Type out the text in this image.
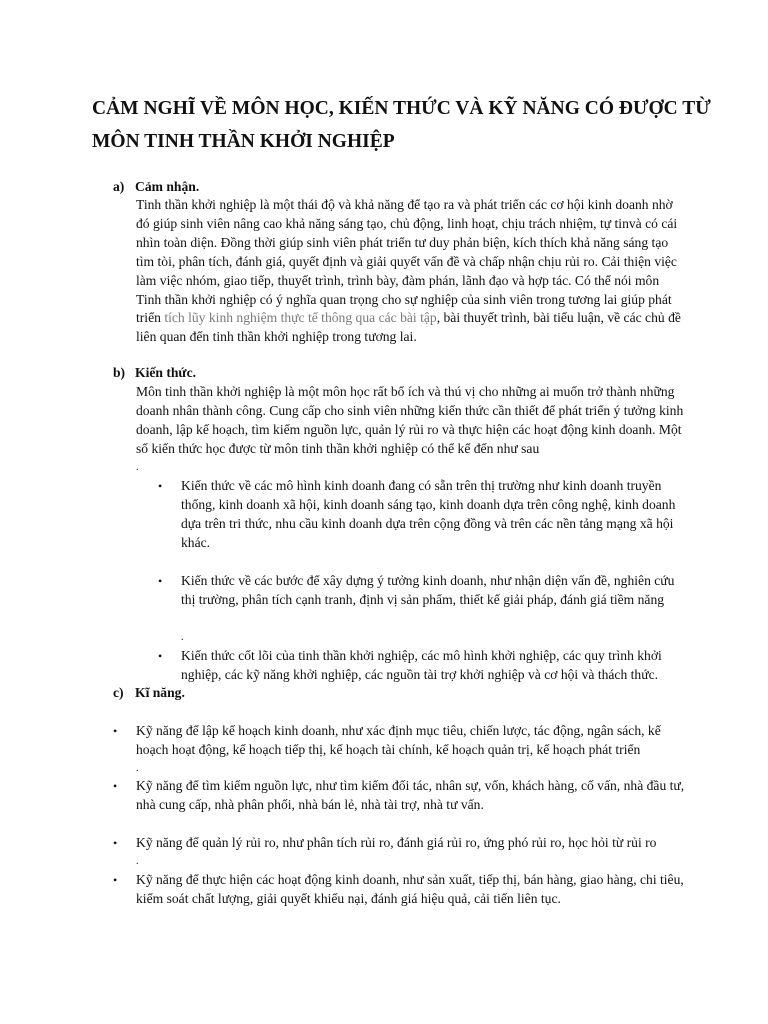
CẢM NGHĨ VỀ MÔN HỌC, KIẾN THỨC VÀ KỸ NĂNG CÓ ĐƯỢC TỪ MÔN TINH THẦN KHỞI NGHIỆP
a) Cảm nhận.
Tinh thần khởi nghiệp là một thái độ và khả năng để tạo ra và phát triển các cơ hội kinh doanh nhờ đó giúp sinh viên nâng cao khả năng sáng tạo, chủ động, linh hoạt, chịu trách nhiệm, tự tinvà có cái nhìn toàn diện. Đồng thời giúp sinh viên phát triển tư duy phản biện, kích thích khả năng sáng tạo tìm tòi, phân tích, đánh giá, quyết định và giải quyết vấn đề và chấp nhận chịu rủi ro. Cải thiện việc làm việc nhóm, giao tiếp, thuyết trình, trình bày, đàm phán, lãnh đạo và hợp tác. Có thể nói môn Tinh thần khởi nghiệp có ý nghĩa quan trọng cho sự nghiệp của sinh viên trong tương lai giúp phát triển tích lũy kinh nghiệm thực tế thông qua các bài tập, bài thuyết trình, bài tiểu luận, về các chủ đề liên quan đến tinh thần khởi nghiệp trong tương lai.
b) Kiến thức.
Môn tinh thần khởi nghiệp là một môn học rất bổ ích và thú vị cho những ai muốn trở thành những doanh nhân thành công. Cung cấp cho sinh viên những kiến thức cần thiết để phát triển ý tưởng kinh doanh, lập kế hoạch, tìm kiếm nguồn lực, quản lý rủi ro và thực hiện các hoạt động kinh doanh. Một số kiến thức học được từ môn tinh thần khởi nghiệp có thể kể đến như sau
.
• Kiến thức về các mô hình kinh doanh đang có sẵn trên thị trường như kinh doanh truyền thống, kinh doanh xã hội, kinh doanh sáng tạo, kinh doanh dựa trên công nghệ, kinh doanh dựa trên tri thức, nhu cầu kinh doanh dựa trên cộng đồng và trên các nền tảng mạng xã hội khác.
• Kiến thức về các bước để xây dựng ý tưởng kinh doanh, như nhận diện vấn đề, nghiên cứu thị trường, phân tích cạnh tranh, định vị sản phẩm, thiết kế giải pháp, đánh giá tiềm năng
.
• Kiến thức cốt lõi của tinh thần khởi nghiệp, các mô hình khởi nghiệp, các quy trình khởi nghiệp, các kỹ năng khởi nghiệp, các nguồn tài trợ khởi nghiệp và cơ hội và thách thức.
c) Kĩ năng.
• Kỹ năng để lập kế hoạch kinh doanh, như xác định mục tiêu, chiến lược, tác động, ngân sách, kế hoạch hoạt động, kế hoạch tiếp thị, kế hoạch tài chính, kế hoạch quản trị, kế hoạch phát triển
.
• Kỹ năng để tìm kiếm nguồn lực, như tìm kiếm đối tác, nhân sự, vốn, khách hàng, cố vấn, nhà đầu tư, nhà cung cấp, nhà phân phối, nhà bán lẻ, nhà tài trợ, nhà tư vấn.
• Kỹ năng để quản lý rủi ro, như phân tích rủi ro, đánh giá rủi ro, ứng phó rủi ro, học hỏi từ rủi ro
.
• Kỹ năng để thực hiện các hoạt động kinh doanh, như sản xuất, tiếp thị, bán hàng, giao hàng, chi tiêu, kiểm soát chất lượng, giải quyết khiếu nại, đánh giá hiệu quả, cải tiến liên tục.
